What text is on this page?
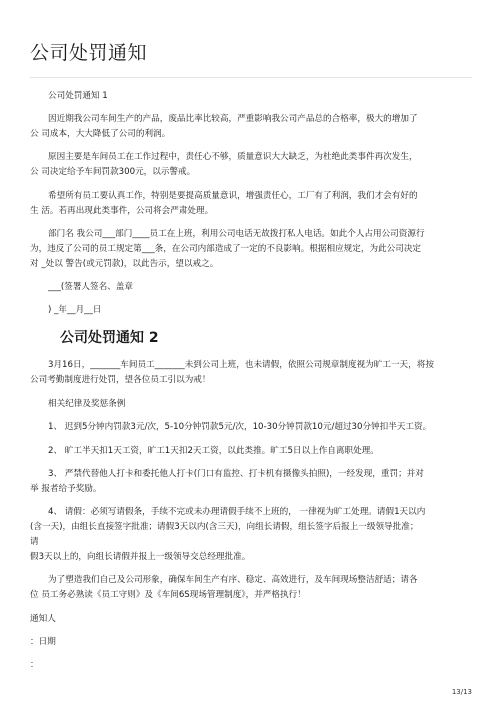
公司处罚通知

公司处罚通知 1

因近期我公司车间生产的产品，废品比率比较高，严重影响我公司产品总的合格率，极大的增加了

公 司成本，大大降低了公司的利润。

原因主要是车间员工在工作过程中，责任心不够，质量意识大大缺乏，为杜绝此类事件再次发生，

公 司决定给予车间罚款300元，以示警戒。

希望所有员工要认真工作，特别是要提高质量意识，增强责任心，工厂有了利润，我们才会有好的

生 活。若再出现此类事件，公司将会严肃处理。

部门名 我公司___部门____员工在上班，利用公司电话无故拨打私人电话。如此个人占用公司资源行

为，违反了公司的员工规定第___条，在公司内部造成了一定的不良影响。根据相应规定，为此公司决定

对 _处以 警告(或元罚款)，以此告示，望以戒之。

___(签署人签名、盖章

) _年__月__日

公司处罚通知 2

3月16日，_______车间员工_______未到公司上班，也未请假，依照公司规章制度视为旷工一天，将按

公司考勤制度进行处罚，望各位员工引以为戒！

相关纪律及奖惩条例

1、 迟到5分钟内罚款3元/次，5-10分钟罚款5元/次，10-30分钟罚款10元/超过30分钟扣半天工资。

2、 旷工半天扣1天工资，旷工1天扣2天工资，以此类推。旷工5日以上作自离职处理。

3、 严禁代替他人打卡和委托他人打卡(门口有监控、打卡机有摄像头拍照)，一经发现，重罚；并对

举 报者给予奖励。

4、 请假：必须写请假条，手续不完或未办理请假手续不上班的， 一律视为旷工处理。请假1天以内

(含一天)，由组长直接签字批准；请假3天以内(含三天)，向组长请假，组长签字后报上一级领导批准；

请

假3天以上的，向组长请假并报上一级领导交总经理批准。

为了塑造我们自己及公司形象，确保车间生产有序、稳定、高效进行，及车间现场整洁舒适；请各

位 员工务必熟读《员工守则》及《车间6S现场管理制度》，并严格执行！

通知人

：日期

：

13/13
